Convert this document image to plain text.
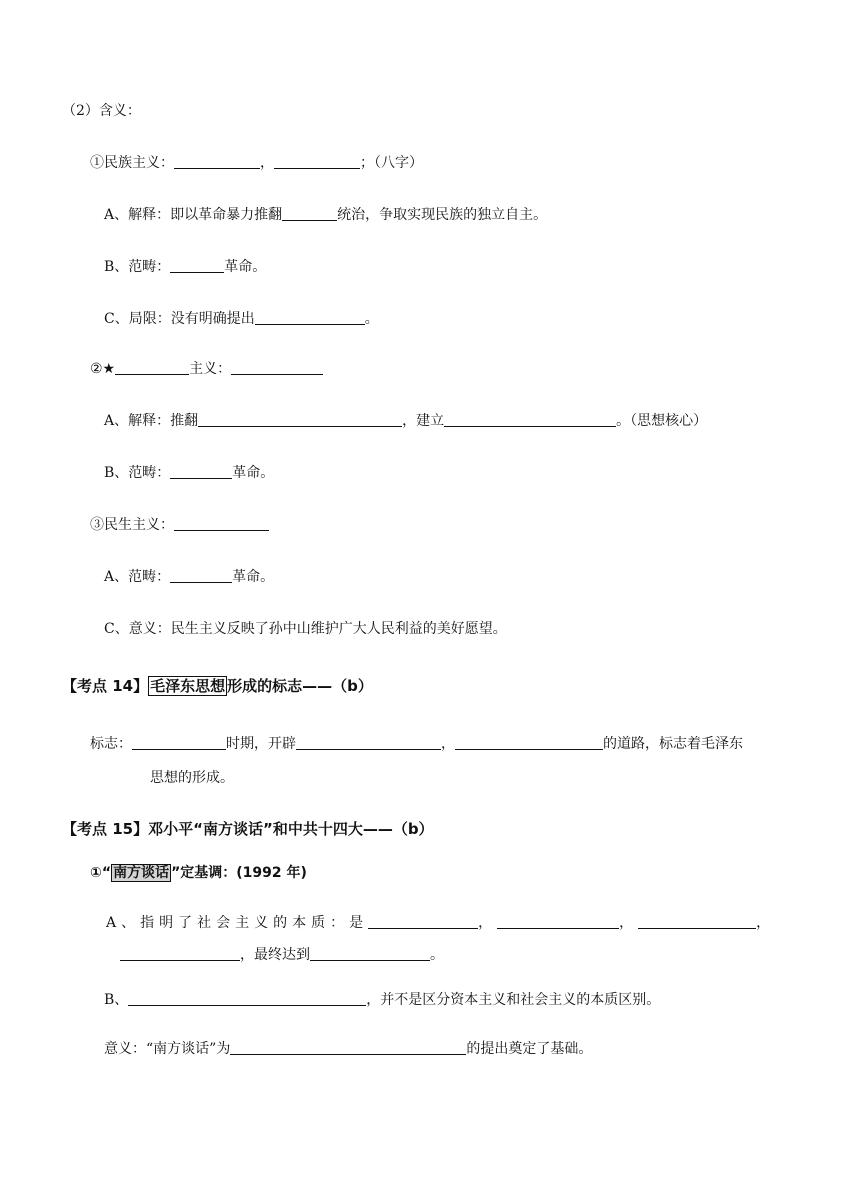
（2）含义：
①民族主义：	，	；（八字）
A、解释：即以革命暴力推翻	统治，争取实现民族的独立自主。
B、范畴：	革命。
C、局限：没有明确提出	。
②★	主义：
A、解释：推翻	，建立	。（思想核心）
B、范畴：	革命。
③民生主义：
A、范畴：	革命。
C、意义：民生主义反映了孙中山维护广大人民利益的美好愿望。
【考点 14】 毛泽东思想 形成的标志——（b）
标志：	时期，开辟	，	的道路，标志着毛泽东
思想的形成。
【考点 15】邓小平“南方谈话”和中共十四大——（b）
①“ 南方谈话 ”定基调：(1992 年)
A、指明了社会主义的本质：是	，	，	，
，最终达到	。
B、	，并不是区分资本主义和社会主义的本质区别。
意义：“南方谈话”为	的提出奠定了基础。
